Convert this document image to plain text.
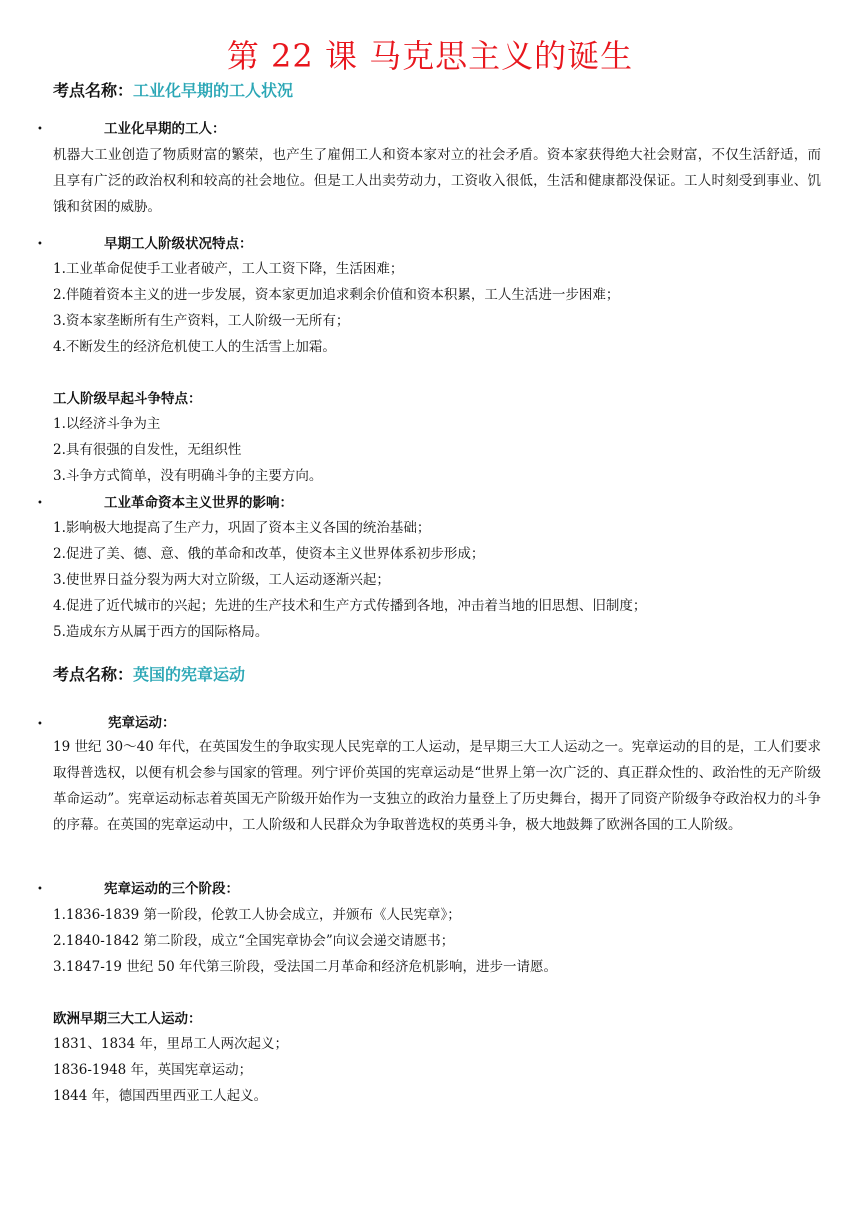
第 22 课 马克思主义的诞生
考点名称：工业化早期的工人状况
•	工业化早期的工人：
机器大工业创造了物质财富的繁荣，也产生了雇佣工人和资本家对立的社会矛盾。资本家获得绝大社会财富，不仅生活舒适，而且享有广泛的政治权利和较高的社会地位。但是工人出卖劳动力，工资收入很低，生活和健康都没保证。工人时刻受到事业、饥饿和贫困的威胁。
•	早期工人阶级状况特点：
1.工业革命促使手工业者破产，工人工资下降，生活困难；
2.伴随着资本主义的进一步发展，资本家更加追求剩余价值和资本积累，工人生活进一步困难；
3.资本家垄断所有生产资料，工人阶级一无所有；
4.不断发生的经济危机使工人的生活雪上加霜。
工人阶级早起斗争特点：
1.以经济斗争为主
2.具有很强的自发性，无组织性
3.斗争方式简单，没有明确斗争的主要方向。
•	工业革命资本主义世界的影响：
1.影响极大地提高了生产力，巩固了资本主义各国的统治基础；
2.促进了美、德、意、俄的革命和改革，使资本主义世界体系初步形成；
3.使世界日益分裂为两大对立阶级，工人运动逐渐兴起；
4.促进了近代城市的兴起；先进的生产技术和生产方式传播到各地，冲击着当地的旧思想、旧制度；
5.造成东方从属于西方的国际格局。
考点名称：英国的宪章运动
•	宪章运动：
19 世纪 30～40 年代，在英国发生的争取实现人民宪章的工人运动，是早期三大工人运动之一。宪章运动的目的是，工人们要求取得普选权，以便有机会参与国家的管理。列宁评价英国的宪章运动是“世界上第一次广泛的、真正群众性的、政治性的无产阶级革命运动”。宪章运动标志着英国无产阶级开始作为一支独立的政治力量登上了历史舞台，揭开了同资产阶级争夺政治权力的斗争的序幕。在英国的宪章运动中，工人阶级和人民群众为争取普选权的英勇斗争，极大地鼓舞了欧洲各国的工人阶级。
•	宪章运动的三个阶段：
1.1836-1839 第一阶段，伦敦工人协会成立，并颁布《人民宪章》；
2.1840-1842 第二阶段，成立“全国宪章协会”向议会递交请愿书；
3.1847-19 世纪 50 年代第三阶段，受法国二月革命和经济危机影响，进步一请愿。
欧洲早期三大工人运动：
1831、1834 年，里昂工人两次起义；
1836-1948 年，英国宪章运动；
1844 年，德国西里西亚工人起义。
